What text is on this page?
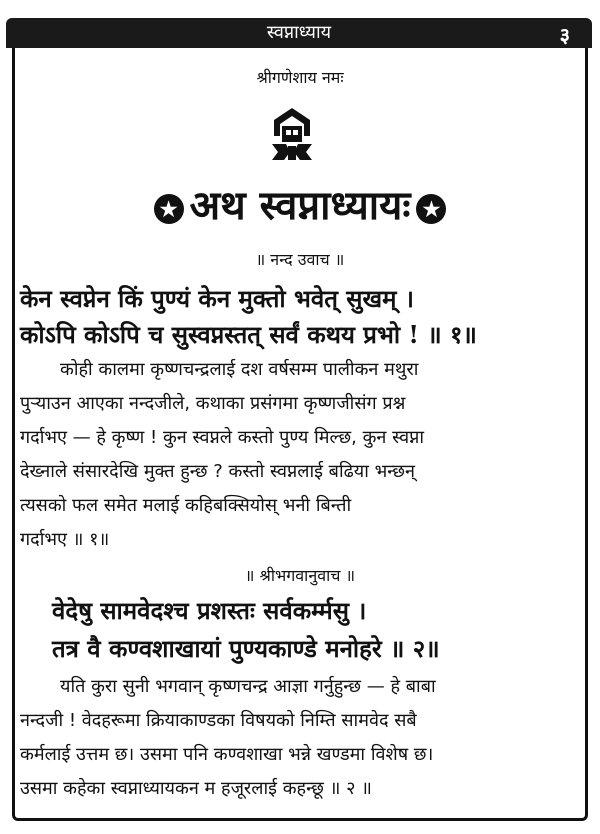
स्वप्नाध्याय	३
श्रीगणेशाय नमः
★ अथ स्वप्नाध्यायः ★
॥ नन्द उवाच ॥
केन स्वप्नेन किं पुण्यं केन मुक्तो भवेत् सुखम् ।
कोऽपि कोऽपि च सुस्वप्नस्तत् सर्वं कथय प्रभो ! ॥ १॥
कोही कालमा कृष्णचन्द्रलाई दश वर्षसम्म पालीकन मथुरा
पुऱ्याउन आएका नन्दजीले, कथाका प्रसंगमा कृष्णजीसंग प्रश्न
गर्दाभए — हे कृष्ण ! कुन स्वप्नले कस्तो पुण्य मिल्छ, कुन स्वप्ना
देख्नाले संसारदेखि मुक्त हुन्छ ? कस्तो स्वप्नलाई बढिया भन्छन्
त्यसको फल समेत मलाई कहिबक्सियोस् भनी बिन्ती
गर्दाभए ॥ १॥
॥ श्रीभगवानुवाच ॥
वेदेषु सामवेदश्च प्रशस्तः सर्वकर्म्मसु ।
तत्र वै कण्वशाखायां पुण्यकाण्डे मनोहरे ॥ २॥
यति कुरा सुनी भगवान् कृष्णचन्द्र आज्ञा गर्नुहुन्छ — हे बाबा
नन्दजी ! वेदहरूमा क्रियाकाण्डका विषयको निम्ति सामवेद सबै
कर्मलाई उत्तम छ। उसमा पनि कण्वशाखा भन्ने खण्डमा विशेष छ।
उसमा कहेका स्वप्नाध्यायकन म हजूरलाई कहन्छू ॥ २ ॥
